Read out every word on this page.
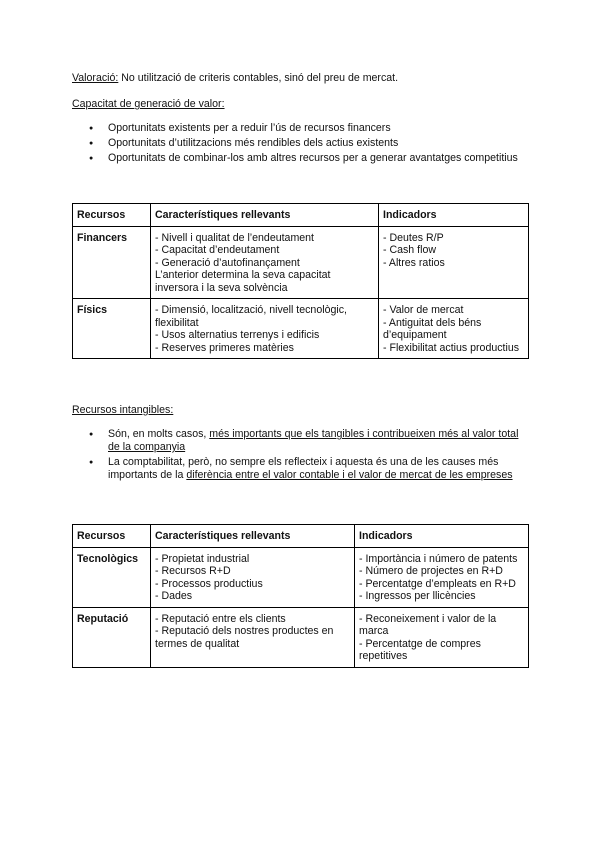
Valoració: No utilització de criteris contables, sinó del preu de mercat.
Capacitat de generació de valor:
● Oportunitats existents per a reduir l’ús de recursos financers
● Oportunitats d’utilitzacions més rendibles dels actius existents
● Oportunitats de combinar-los amb altres recursos per a generar avantatges competitius
Recursos	Característiques rellevants	Indicadors
Financers	- Nivell i qualitat de l’endeutament
- Capacitat d’endeutament
- Generació d’autofinançament
L’anterior determina la seva capacitat inversora i la seva solvència	- Deutes R/P
- Cash flow
- Altres ratios

Físics	- Dimensió, localització, nivell tecnològic, flexibilitat
- Usos alternatius terrenys i edificis
- Reserves primeres matèries	- Valor de mercat
- Antiguitat dels béns d’equipament
- Flexibilitat actius productius
Recursos intangibles:
● Són, en molts casos, més importants que els tangibles i contribueixen més al valor total de la companyia
● La comptabilitat, però, no sempre els reflecteix i aquesta és una de les causes més importants de la diferència entre el valor contable i el valor de mercat de les empreses
Recursos	Característiques rellevants	Indicadors
Tecnològics	- Propietat industrial
- Recursos R+D
- Processos productius
- Dades	- Importància i número de patents
- Número de projectes en R+D
- Percentatge d’empleats en R+D
- Ingressos per llicències

Reputació	- Reputació entre els clients
- Reputació dels nostres productes en termes de qualitat	- Reconeixement i valor de la marca
- Percentatge de compres repetitives
